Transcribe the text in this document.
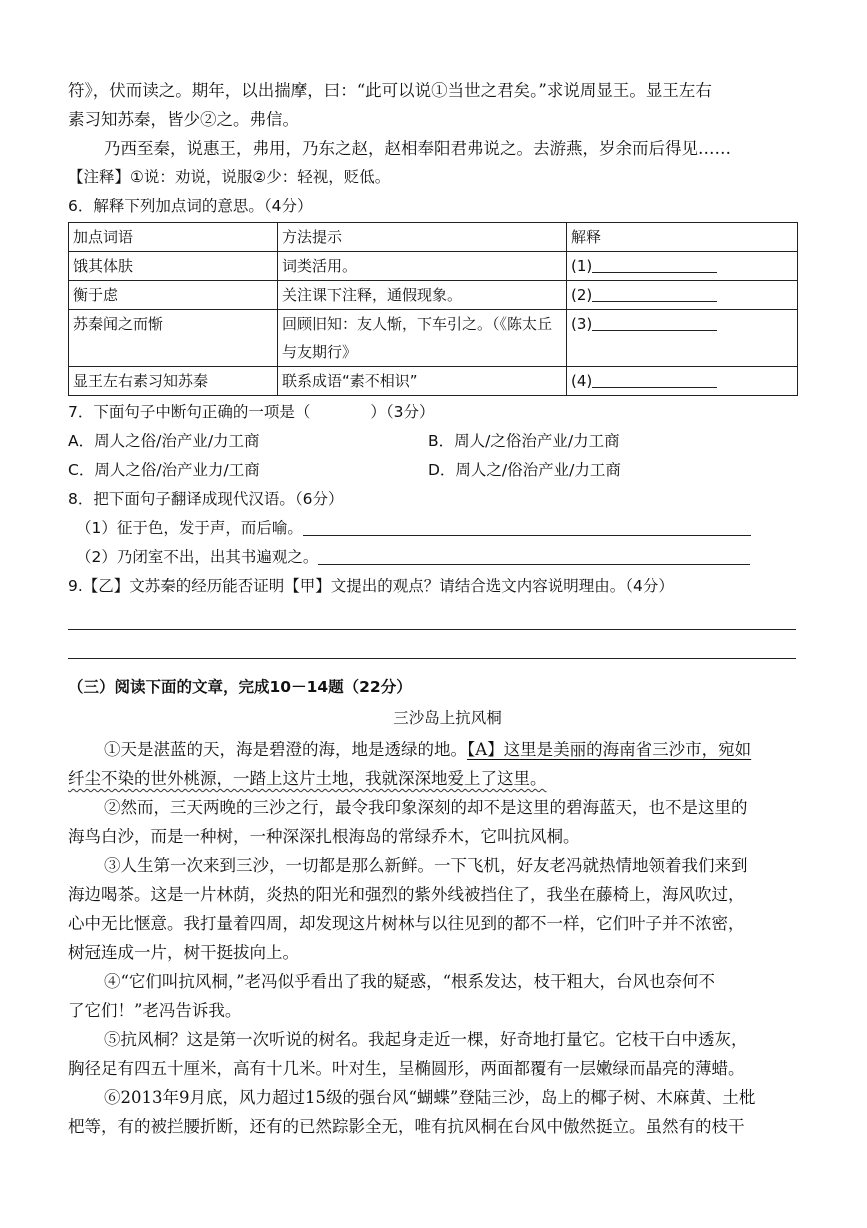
符》，伏而读之。期年，以出揣摩，曰：“此可以说①当世之君矣。”求说周显王。显王左右
素习知苏秦，皆少②之。弗信。
乃西至秦，说惠王，弗用，乃东之赵，赵相奉阳君弗说之。去游燕，岁余而后得见……
【注释】①说：劝说，说服②少：轻视，贬低。
6．解释下列加点词的意思。（4分）
加点词语	方法提示	解释
饿其体肤	词类活用。	(1)
衡于虑	关注课下注释，通假现象。	(2)
苏秦闻之而惭	回顾旧知：友人惭，下车引之。（《陈太丘与友期行》	(3)
显王左右素习知苏秦	联系成语“素不相识”	(4)
7．下面句子中断句正确的一项是（	）（3分）
A．周人之俗/治产业/力工商	B．周人/之俗治产业/力工商
C．周人之俗/治产业力/工商	D．周人之/俗治产业/力工商
8．把下面句子翻译成现代汉语。（6分）
（1）征于色，发于声，而后喻。
（2）乃闭室不出，出其书遍观之。
9.【乙】文苏秦的经历能否证明【甲】文提出的观点？请结合选文内容说明理由。（4分）
（三）阅读下面的文章，完成10－14题（22分）
三沙岛上抗风桐
①天是湛蓝的天，海是碧澄的海，地是透绿的地。【A】这里是美丽的海南省三沙市，宛如
纤尘不染的世外桃源，一踏上这片土地，我就深深地爱上了这里。
②然而，三天两晚的三沙之行，最令我印象深刻的却不是这里的碧海蓝天，也不是这里的
海鸟白沙，而是一种树，一种深深扎根海岛的常绿乔木，它叫抗风桐。
③人生第一次来到三沙，一切都是那么新鲜。一下飞机，好友老冯就热情地领着我们来到
海边喝茶。这是一片林荫，炎热的阳光和强烈的紫外线被挡住了，我坐在藤椅上，海风吹过，
心中无比惬意。我打量着四周，却发现这片树林与以往见到的都不一样，它们叶子并不浓密，
树冠连成一片，树干挺拔向上。
④“它们叫抗风桐，”老冯似乎看出了我的疑惑，“根系发达，枝干粗大，台风也奈何不
了它们！”老冯告诉我。
⑤抗风桐？这是第一次听说的树名。我起身走近一棵，好奇地打量它。它枝干白中透灰，
胸径足有四五十厘米，高有十几米。叶对生，呈椭圆形，两面都覆有一层嫩绿而晶亮的薄蜡。
⑥2013年9月底，风力超过15级的强台风“蝴蝶”登陆三沙，岛上的椰子树、木麻黄、土枇
杷等，有的被拦腰折断，还有的已然踪影全无，唯有抗风桐在台风中傲然挺立。虽然有的枝干
